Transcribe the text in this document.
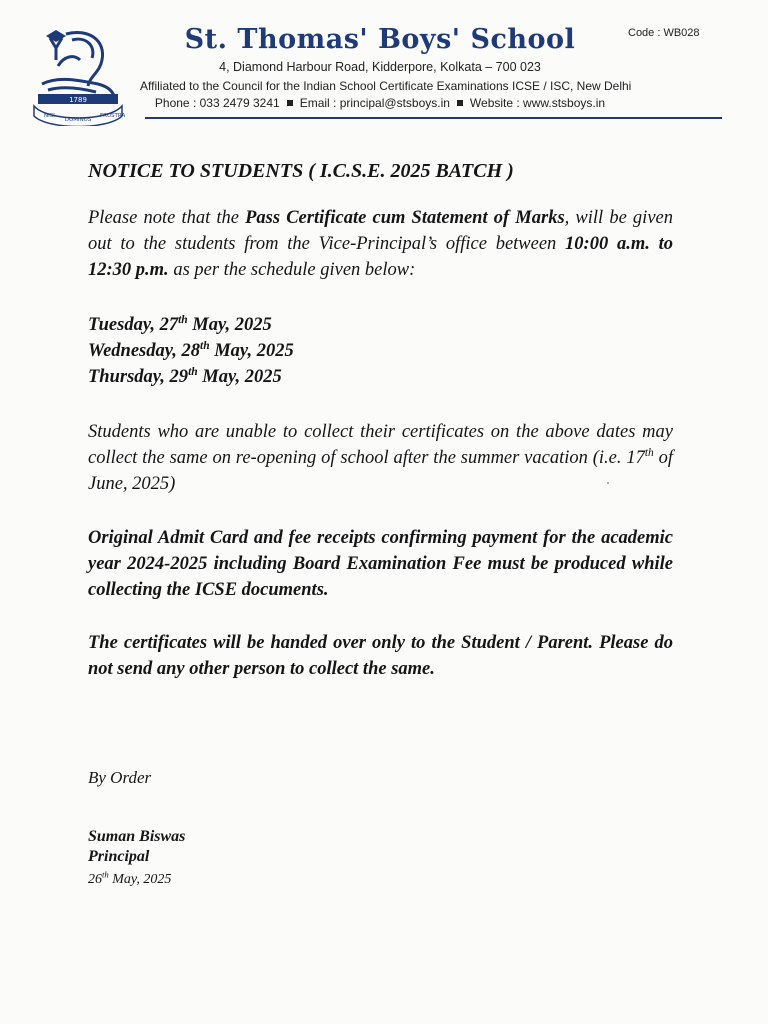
1789
NISI
DOMINUS
FRUSTRA
St. Thomas' Boys' School	Code : WB028
4, Diamond Harbour Road, Kidderpore, Kolkata – 700 023
Affiliated to the Council for the Indian School Certificate Examinations ICSE / ISC, New Delhi
Phone : 033 2479 3241 Email : principal@stsboys.in Website : www.stsboys.in
NOTICE TO STUDENTS ( I.C.S.E. 2025 BATCH )
Please note that the Pass Certificate cum Statement of Marks, will be given out to the students from the Vice-Principal’s office between 10:00 a.m. to 12:30 p.m. as per the schedule given below:
Tuesday, 27th May, 2025
Wednesday, 28th May, 2025
Thursday, 29th May, 2025
Students who are unable to collect their certificates on the above dates may collect the same on re-opening of school after the summer vacation (i.e. 17th of June, 2025)
Original Admit Card and fee receipts confirming payment for the academic year 2024-2025 including Board Examination Fee must be produced while collecting the ICSE documents.
The certificates will be handed over only to the Student / Parent. Please do not send any other person to collect the same.
By Order
Suman Biswas
Principal
26th May, 2025
